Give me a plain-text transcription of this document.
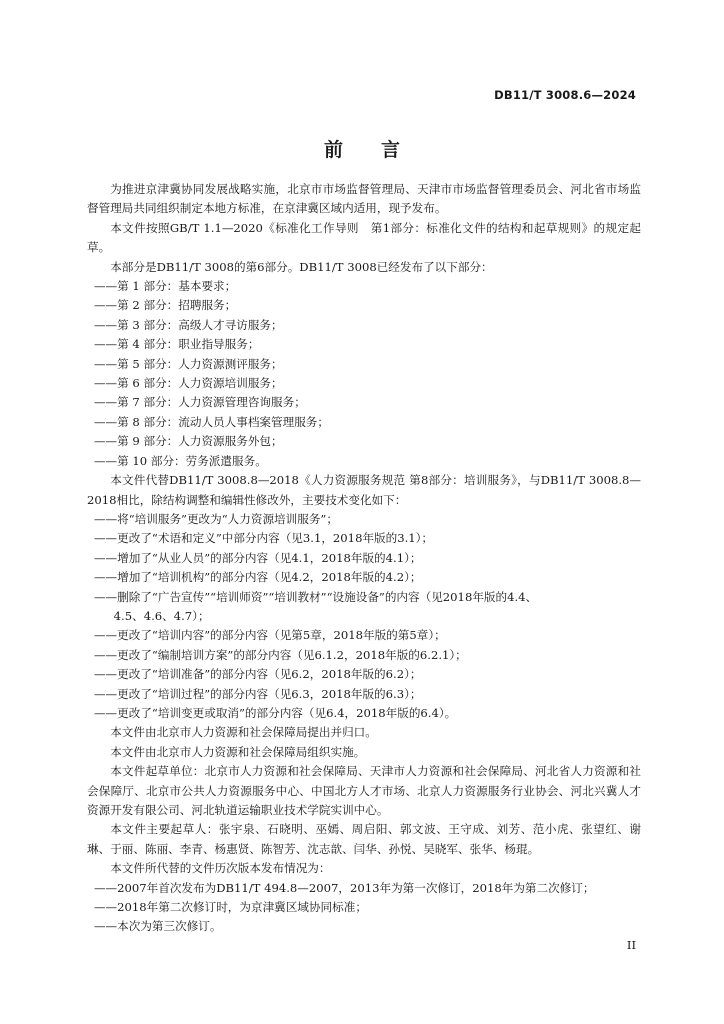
DB11/T 3008.6—2024
前言

为推进京津冀协同发展战略实施，北京市市场监督管理局、天津市市场监督管理委员会、河北省市场监督管理局共同组织制定本地方标准，在京津冀区域内适用，现予发布。

本文件按照GB/T 1.1—2020《标准化工作导则　第1部分：标准化文件的结构和起草规则》的规定起草。

本部分是DB11/T 3008的第6部分。DB11/T 3008已经发布了以下部分：

——第 1 部分：基本要求；

——第 2 部分：招聘服务；

——第 3 部分：高级人才寻访服务；

——第 4 部分：职业指导服务；

——第 5 部分：人力资源测评服务；

——第 6 部分：人力资源培训服务；

——第 7 部分：人力资源管理咨询服务；

——第 8 部分：流动人员人事档案管理服务；

——第 9 部分：人力资源服务外包；

——第 10 部分：劳务派遣服务。

本文件代替DB11/T 3008.8—2018《人力资源服务规范 第8部分：培训服务》，与DB11/T 3008.8—2018相比，除结构调整和编辑性修改外，主要技术变化如下：

——将“培训服务”更改为“人力资源培训服务”；

——更改了“术语和定义”中部分内容（见3.1，2018年版的3.1）；

——增加了“从业人员”的部分内容（见4.1，2018年版的4.1）；

——增加了“培训机构”的部分内容（见4.2，2018年版的4.2）；

——删除了“广告宣传”“培训师资”“培训教材”“设施设备”的内容（见2018年版的4.4、

4.5、4.6、4.7）；

——更改了“培训内容”的部分内容（见第5章，2018年版的第5章）；

——更改了“编制培训方案”的部分内容（见6.1.2，2018年版的6.2.1）；

——更改了“培训准备”的部分内容（见6.2，2018年版的6.2）；

——更改了“培训过程”的部分内容（见6.3，2018年版的6.3）；

——更改了“培训变更或取消”的部分内容（见6.4，2018年版的6.4）。

本文件由北京市人力资源和社会保障局提出并归口。

本文件由北京市人力资源和社会保障局组织实施。

本文件起草单位：北京市人力资源和社会保障局、天津市人力资源和社会保障局、河北省人力资源和社会保障厅、北京市公共人力资源服务中心、中国北方人才市场、北京人力资源服务行业协会、河北兴冀人才资源开发有限公司、河北轨道运输职业技术学院实训中心。

本文件主要起草人：张宇泉、石晓明、巫嫣、周启阳、郭文波、王守成、刘芳、范小虎、张望红、谢琳、于丽、陈丽、李青、杨惠贤、陈智芳、沈志歆、闫华、孙悦、吴晓军、张华、杨琨。

本文件所代替的文件历次版本发布情况为：

——2007年首次发布为DB11/T 494.8—2007，2013年为第一次修订，2018年为第二次修订；

——2018年第二次修订时，为京津冀区域协同标准；

——本次为第三次修订。

II
